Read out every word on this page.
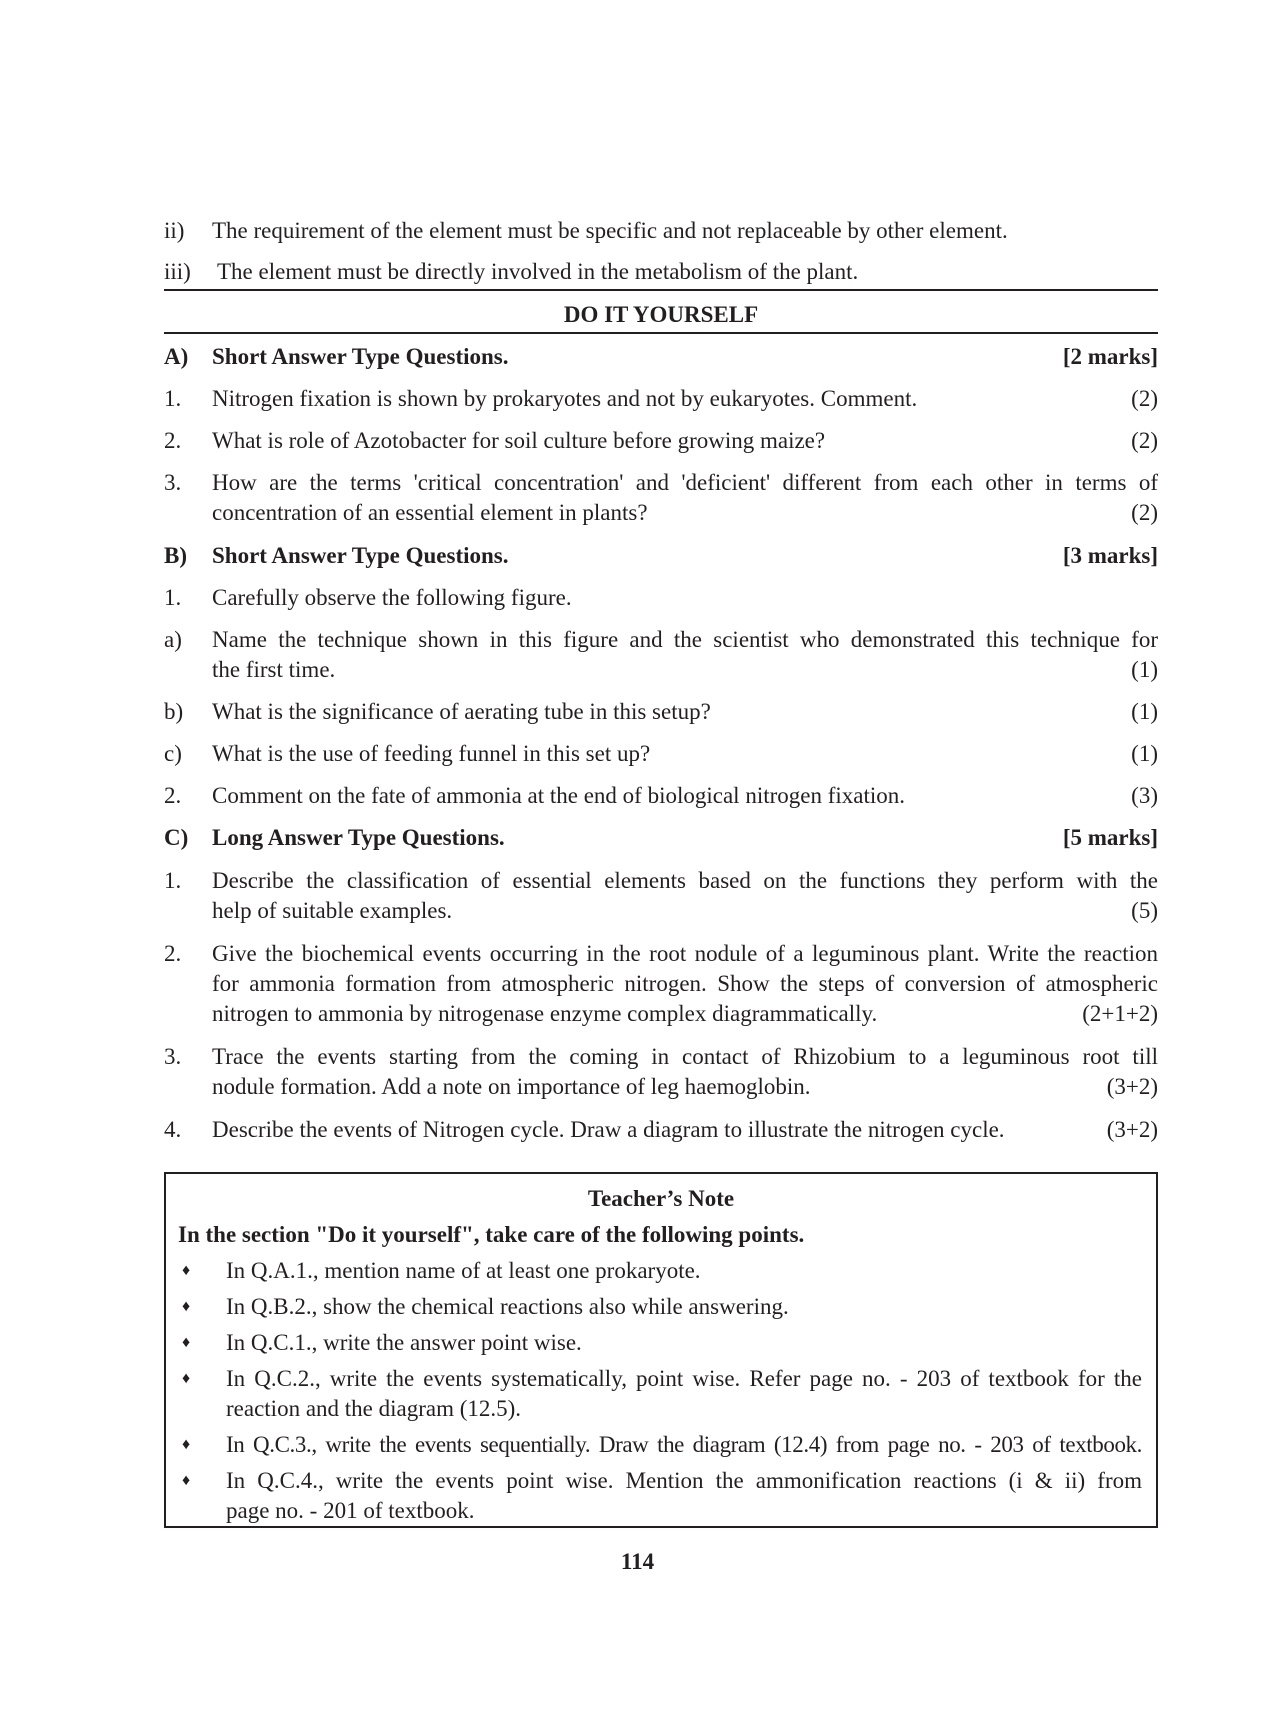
ii) The requirement of the element must be specific and not replaceable by other element.
iii) The element must be directly involved in the metabolism of the plant.
DO IT YOURSELF
A) Short Answer Type Questions.	[2 marks]
1. Nitrogen fixation is shown by prokaryotes and not by eukaryotes. Comment.	(2)
2. What is role of Azotobacter for soil culture before growing maize?	(2)
3. How are the terms 'critical concentration' and 'deficient' different from each other in terms of
concentration of an essential element in plants?	(2)
B) Short Answer Type Questions.	[3 marks]
1. Carefully observe the following figure.
a) Name the technique shown in this figure and the scientist who demonstrated this technique for
the first time.	(1)
b) What is the significance of aerating tube in this setup?	(1)
c) What is the use of feeding funnel in this set up?	(1)
2. Comment on the fate of ammonia at the end of biological nitrogen fixation.	(3)
C) Long Answer Type Questions.	[5 marks]
1. Describe the classification of essential elements based on the functions they perform with the
help of suitable examples.	(5)
2. Give the biochemical events occurring in the root nodule of a leguminous plant. Write the reaction
for ammonia formation from atmospheric nitrogen. Show the steps of conversion of atmospheric
nitrogen to ammonia by nitrogenase enzyme complex diagrammatically.	(2+1+2)
3. Trace the events starting from the coming in contact of Rhizobium to a leguminous root till
nodule formation. Add a note on importance of leg haemoglobin.	(3+2)
4. Describe the events of Nitrogen cycle. Draw a diagram to illustrate the nitrogen cycle.	(3+2)
Teacher’s Note
In the section "Do it yourself", take care of the following points.
♦ In Q.A.1., mention name of at least one prokaryote.
♦ In Q.B.2., show the chemical reactions also while answering.
♦ In Q.C.1., write the answer point wise.
♦ In Q.C.2., write the events systematically, point wise. Refer page no. - 203 of textbook for the
reaction and the diagram (12.5).
♦ In Q.C.3., write the events sequentially. Draw the diagram (12.4) from page no. - 203 of textbook.
♦ In Q.C.4., write the events point wise. Mention the ammonification reactions (i & ii) from
page no. - 201 of textbook.
114
